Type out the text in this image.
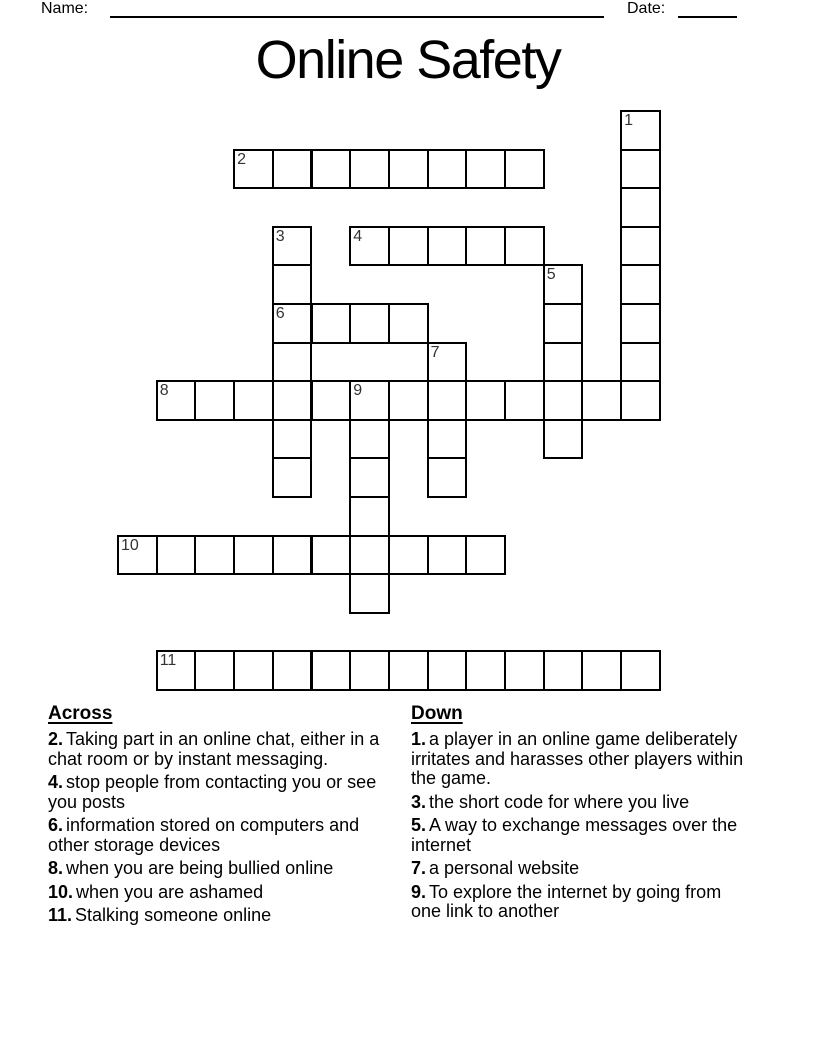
Name:	Date:
Online Safety
1
2
3	4
5
6
7
8	9
10
11
Across
2. Taking part in an online chat, either in a chat room or by instant messaging.
4. stop people from contacting you or see you posts
6. information stored on computers and other storage devices
8. when you are being bullied online
10. when you are ashamed
11. Stalking someone online
Down
1. a player in an online game deliberately irritates and harasses other players within the game.
3. the short code for where you live
5. A way to exchange messages over the internet
7. a personal website
9. To explore the internet by going from one link to another
